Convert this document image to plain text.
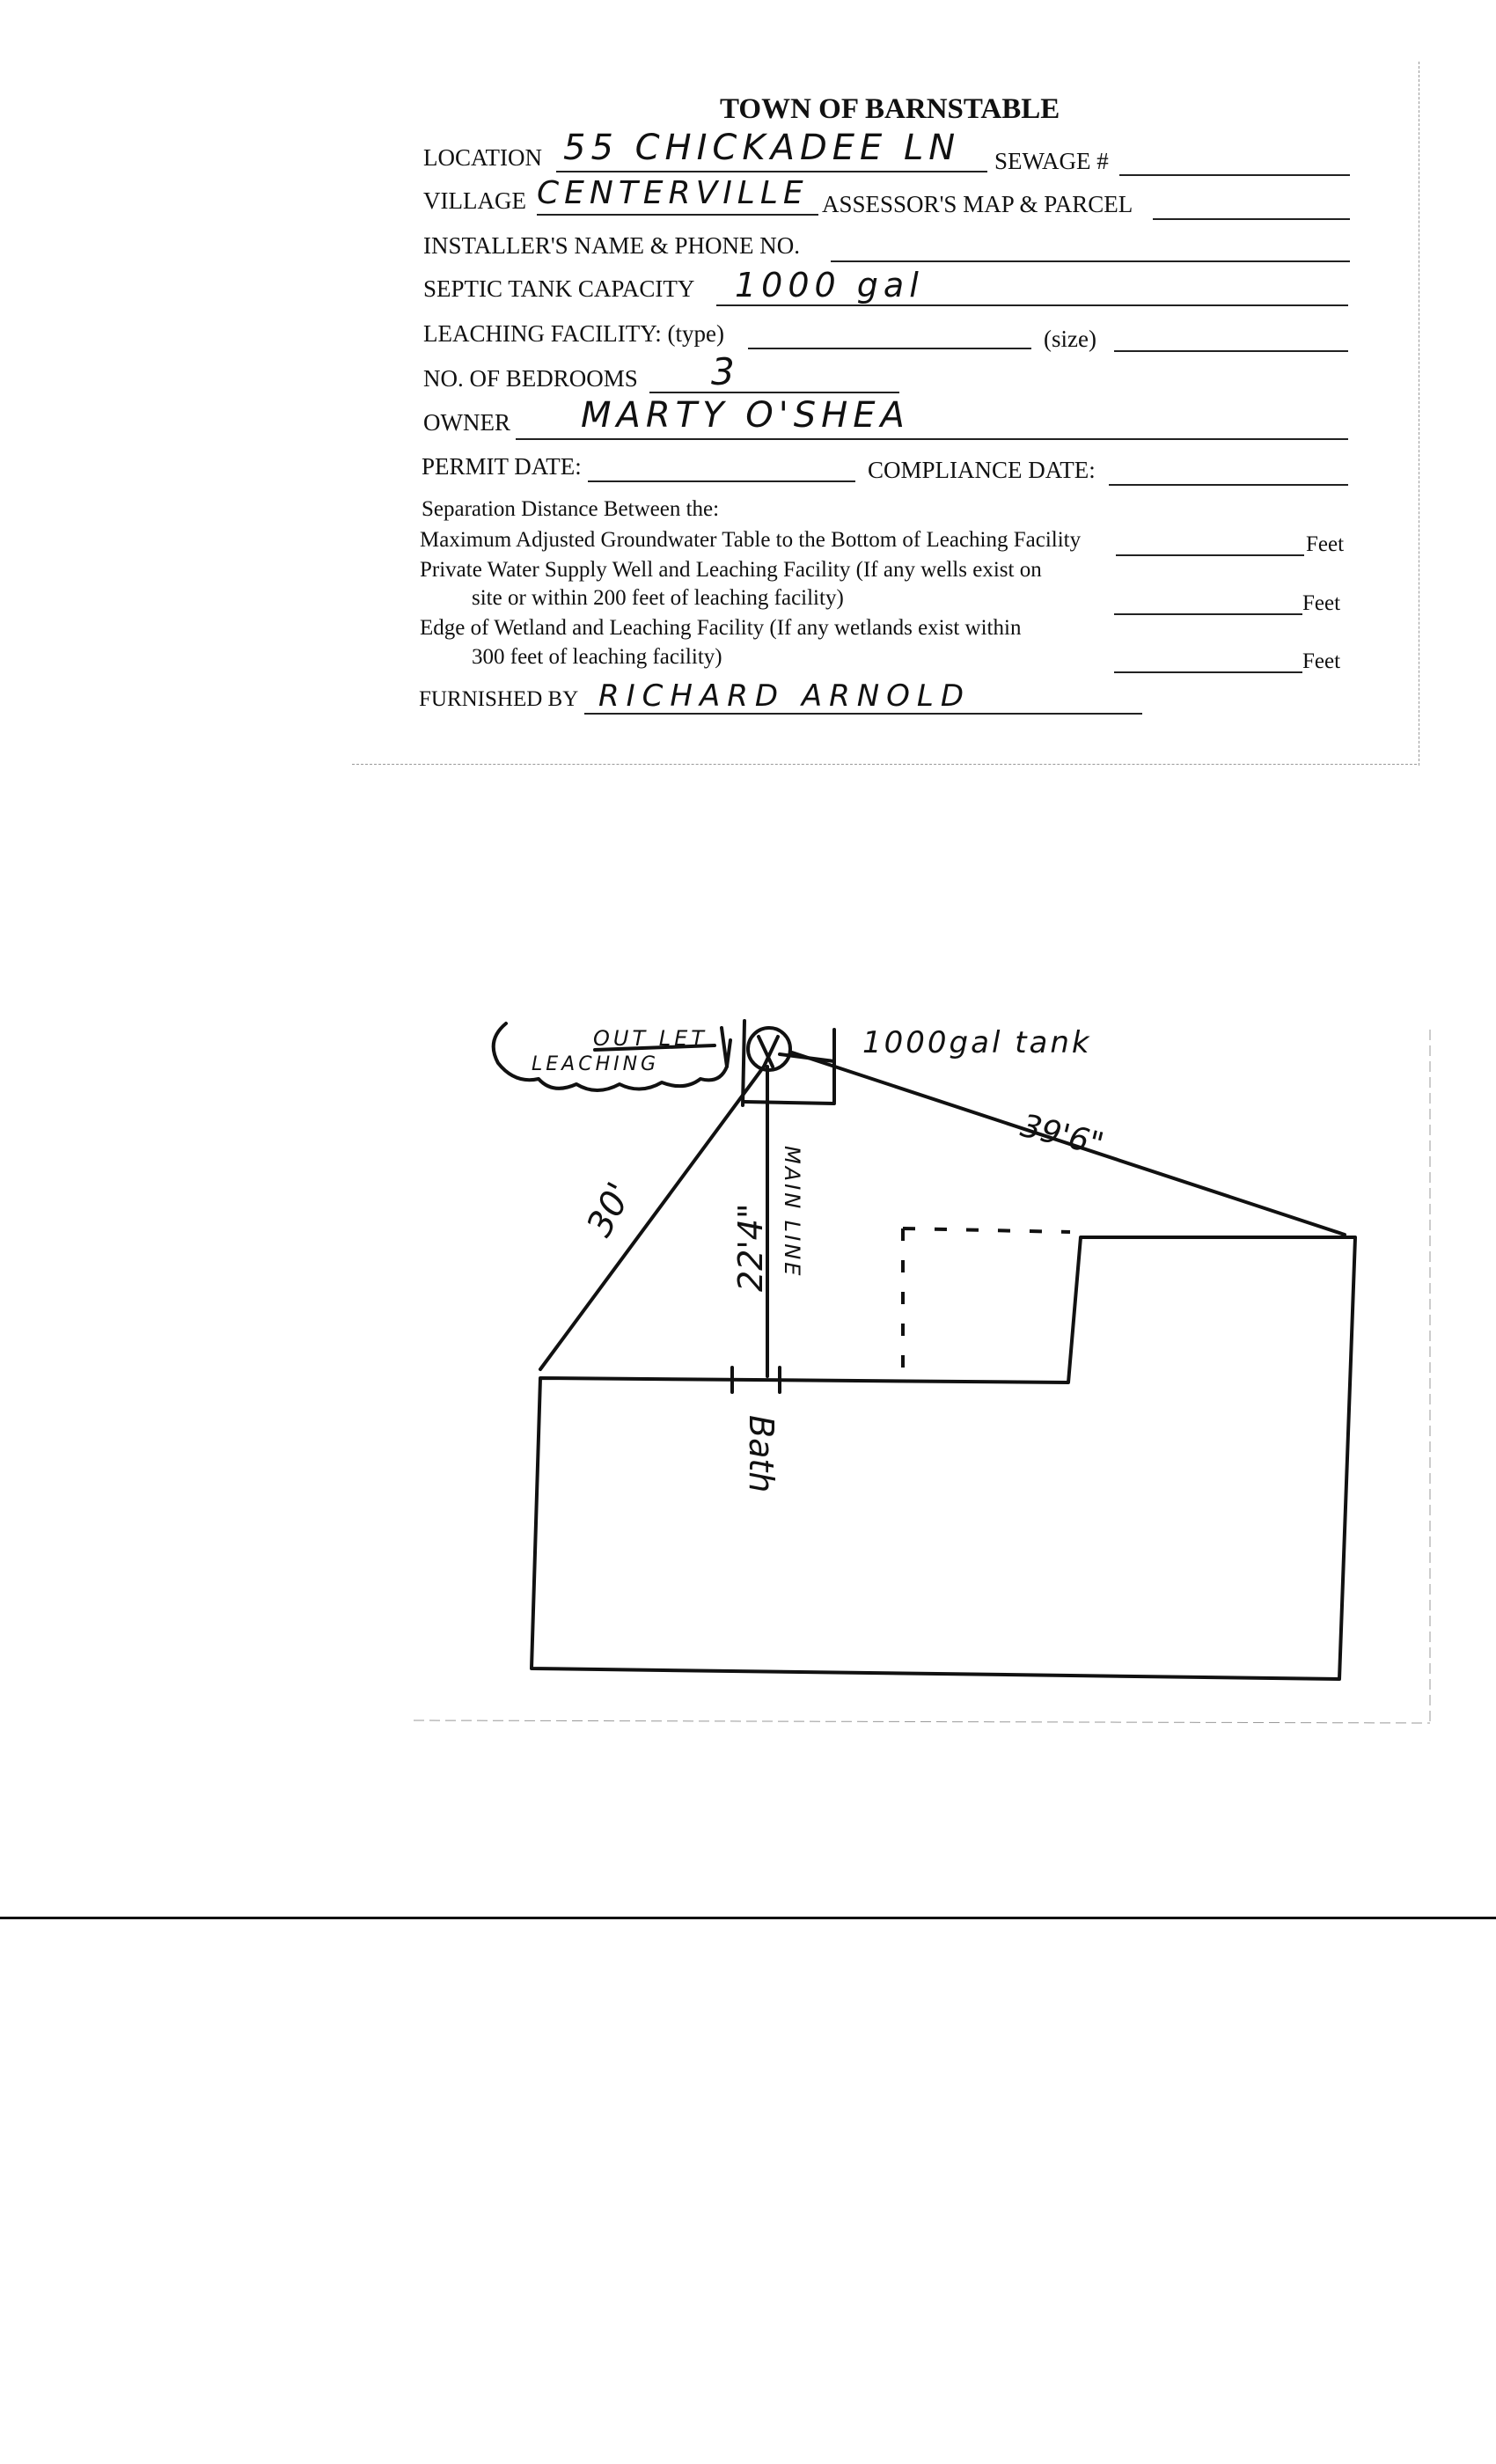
TOWN OF BARNSTABLE
LOCATION 55 CHICKADEE LN SEWAGE #
VILLAGE CENTERVILLE ASSESSOR'S MAP & PARCEL
INSTALLER'S NAME & PHONE NO.
SEPTIC TANK CAPACITY 1000 gal
LEACHING FACILITY: (type)	(size)
NO. OF BEDROOMS 3
OWNER MARTY O'SHEA
PERMIT DATE:	COMPLIANCE DATE:
Separation Distance Between the:
Maximum Adjusted Groundwater Table to the Bottom of Leaching Facility	Feet
Private Water Supply Well and Leaching Facility (If any wells exist on
site or within 200 feet of leaching facility)	Feet
Edge of Wetland and Leaching Facility (If any wetlands exist within
300 feet of leaching facility)	Feet
FURNISHED BY RICHARD ARNOLD
OUT LET
LEACHING
1000gal tank
39'6"
30'	22'4" MAIN LINE
Bath
